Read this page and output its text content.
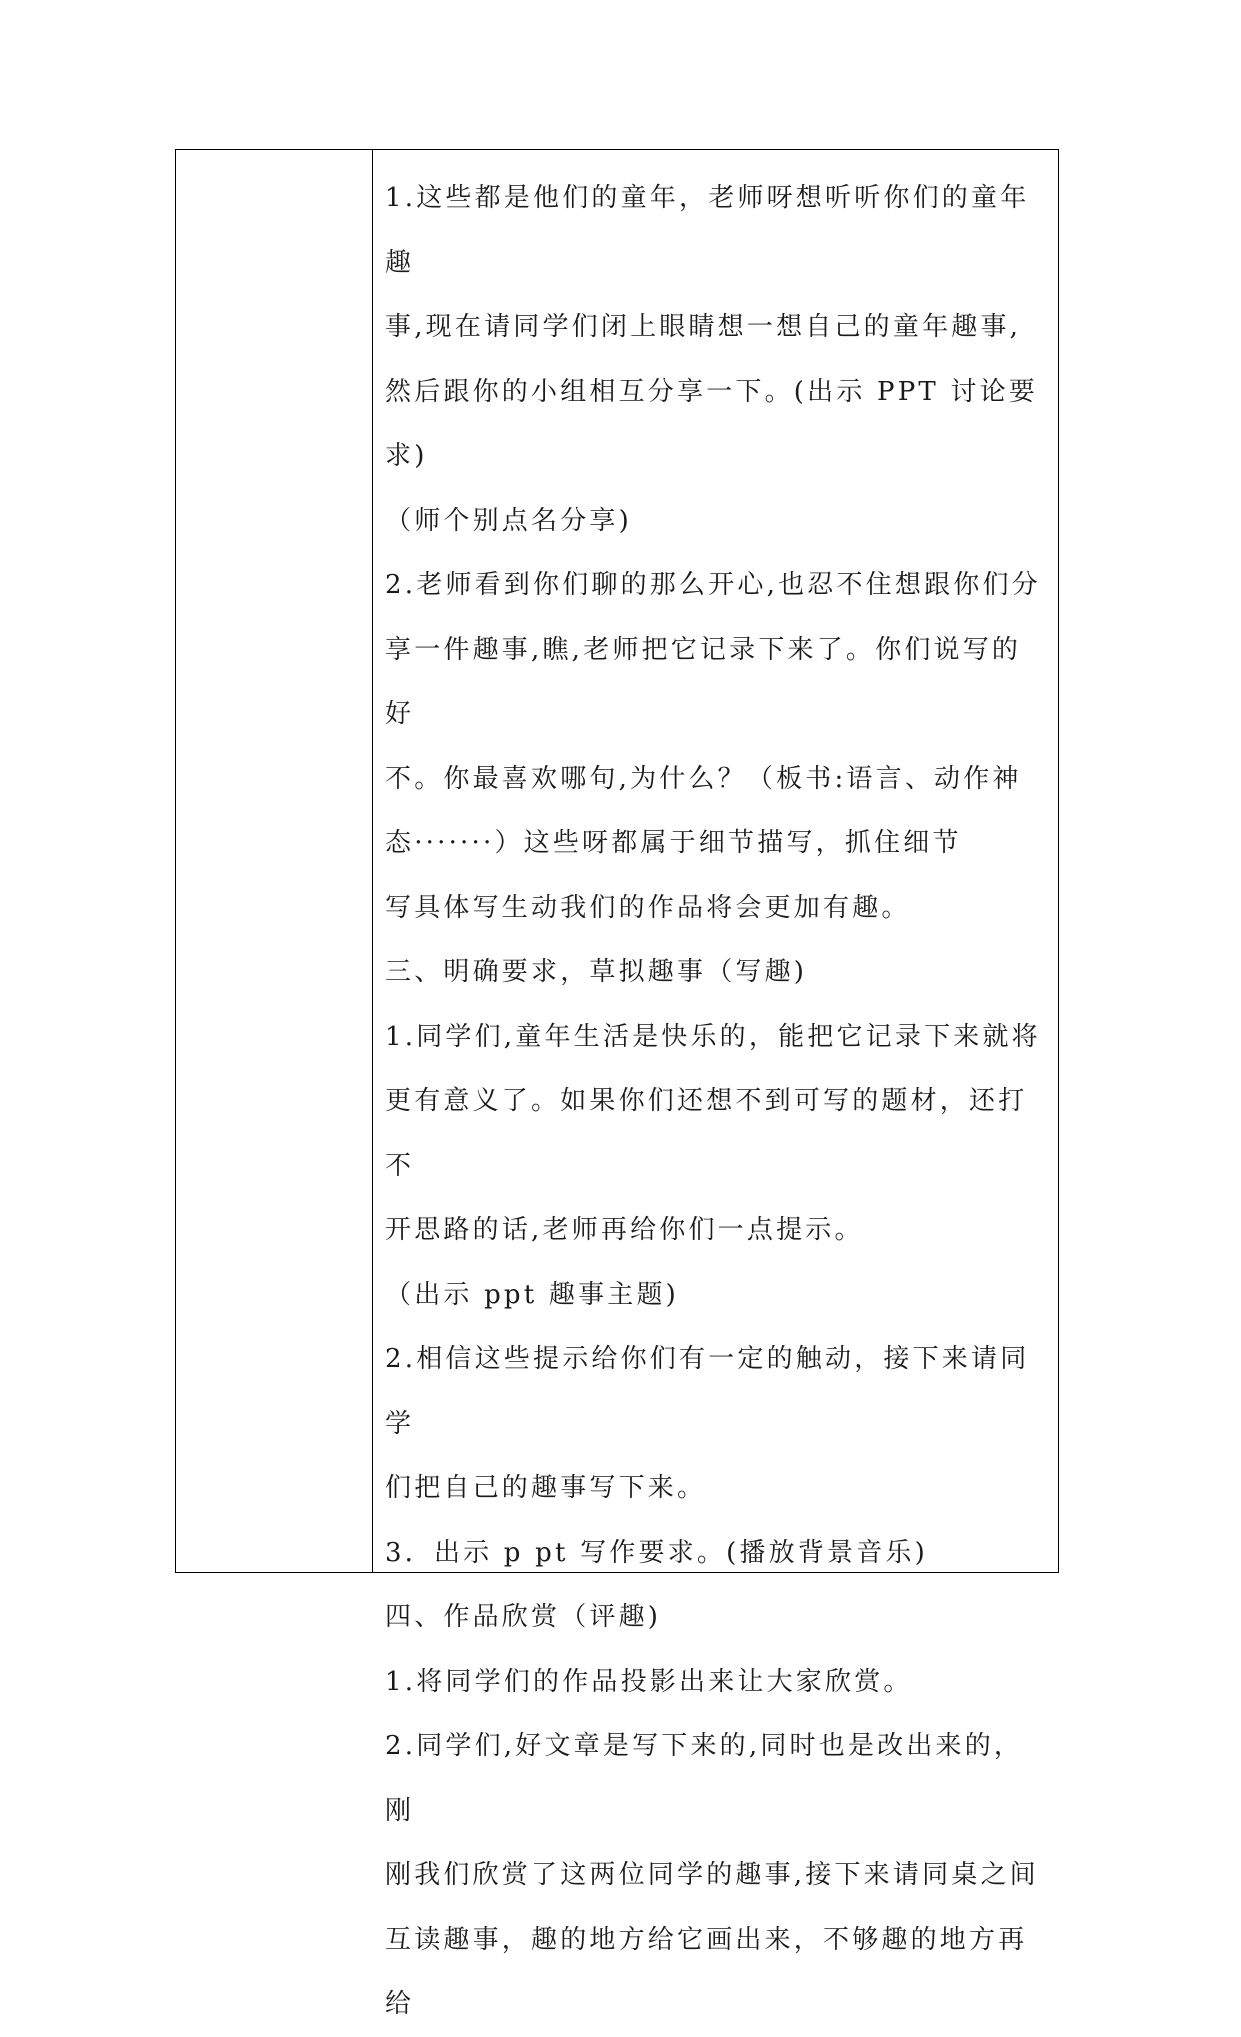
1.这些都是他们的童年，老师呀想听听你们的童年趣

事,现在请同学们闭上眼睛想一想自己的童年趣事,

然后跟你的小组相互分享一下。(出示 PPT 讨论要求)

（师个别点名分享)

2.老师看到你们聊的那么开心,也忍不住想跟你们分

享一件趣事,瞧,老师把它记录下来了。你们说写的好

不。你最喜欢哪句,为什么？（板书:语言、动作神

态·······）这些呀都属于细节描写，抓住细节

写具体写生动我们的作品将会更加有趣。

三、明确要求，草拟趣事（写趣)

1.同学们,童年生活是快乐的，能把它记录下来就将

更有意义了。如果你们还想不到可写的题材，还打不

开思路的话,老师再给你们一点提示。

（出示 ppt 趣事主题)

2.相信这些提示给你们有一定的触动，接下来请同学

们把自己的趣事写下来。

3．出示 p pt 写作要求。(播放背景音乐)

四、作品欣赏（评趣)

1.将同学们的作品投影出来让大家欣赏。

2.同学们,好文章是写下来的,同时也是改出来的，刚

刚我们欣赏了这两位同学的趣事,接下来请同桌之间

互读趣事，趣的地方给它画出来，不够趣的地方再给
